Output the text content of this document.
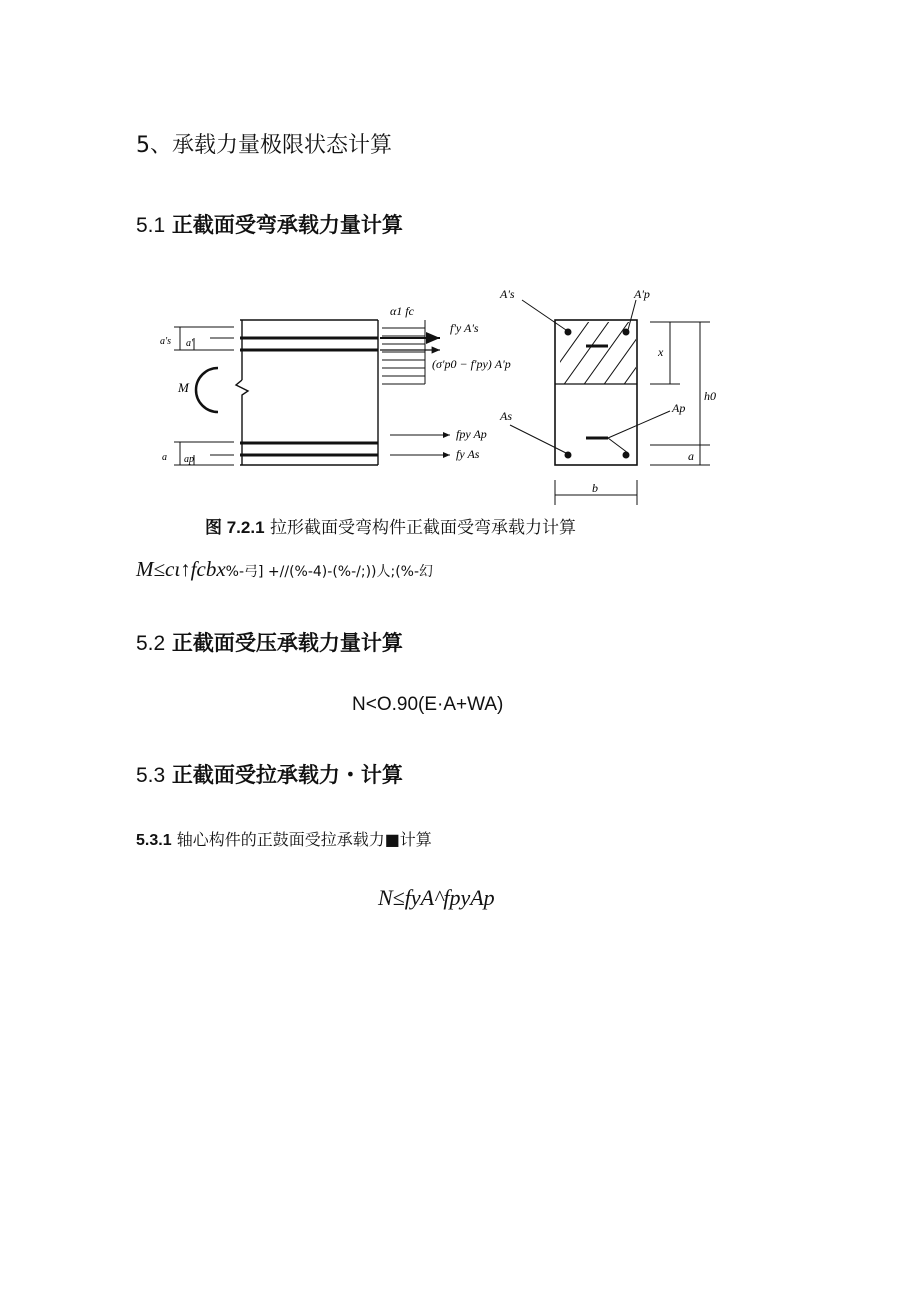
5、承载力量极限状态计算
5.1 正截面受弯承载力量计算
α1 fc
f'y A's
(σ'p0 − f'py) A'p
M
fpy Ap
fy As
A's	A'p
As
Ap
x
h0
a
b
a's a'
a ap
图 7.2.1 拉形截面受弯构件正截面受弯承载力计算
M≤cι↑fcbx%-弓] +//(%-4)-(%-/;))人;(%-幻
5.2 正截面受压承载力量计算
N<O.90(E·A+WA)
5.3 正截面受拉承载力・计算
5.3.1 轴心构件的正鼓面受拉承载力■计算
N≤fyA^fpyAp
